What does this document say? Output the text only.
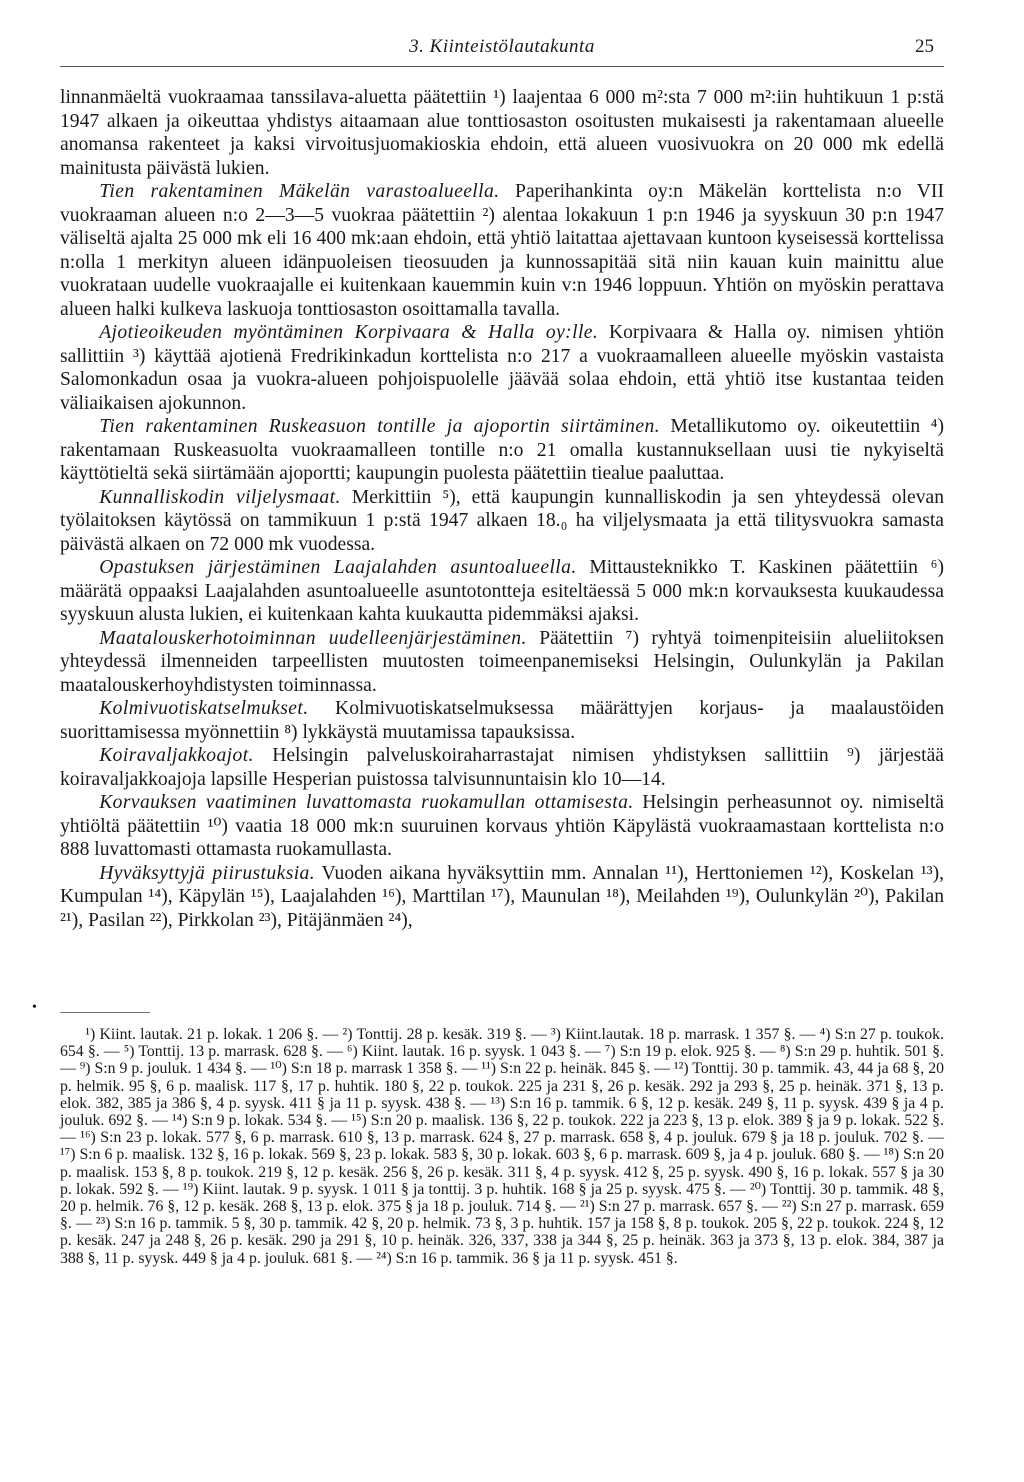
3. Kiinteistölautakunta	25

linnanmäeltä vuokraamaa tanssilava-aluetta päätettiin ¹) laajentaa 6 000 m²:sta 7 000 m²:iin huhtikuun 1 p:stä 1947 alkaen ja oikeuttaa yhdistys aitaamaan alue tonttiosaston osoitusten mukaisesti ja rakentamaan alueelle anomansa rakenteet ja kaksi virvoitusjuomakioskia ehdoin, että alueen vuosivuokra on 20 000 mk edellä mainitusta päivästä lukien.

Tien rakentaminen Mäkelän varastoalueella. Paperihankinta oy:n Mäkelän korttelista n:o VII vuokraaman alueen n:o 2—3—5 vuokraa päätettiin ²) alentaa lokakuun 1 p:n 1946 ja syyskuun 30 p:n 1947 väliseltä ajalta 25 000 mk eli 16 400 mk:aan ehdoin, että yhtiö laitattaa ajettavaan kuntoon kyseisessä korttelissa n:olla 1 merkityn alueen idänpuoleisen tieosuuden ja kunnossapitää sitä niin kauan kuin mainittu alue vuokrataan uudelle vuokraajalle ei kuitenkaan kauemmin kuin v:n 1946 loppuun. Yhtiön on myöskin perattava alueen halki kulkeva laskuoja tonttiosaston osoittamalla tavalla.

Ajotieoikeuden myöntäminen Korpivaara & Halla oy:lle. Korpivaara & Halla oy. nimisen yhtiön sallittiin ³) käyttää ajotienä Fredrikinkadun korttelista n:o 217 a vuokraamalleen alueelle myöskin vastaista Salomonkadun osaa ja vuokra-alueen pohjoispuolelle jäävää solaa ehdoin, että yhtiö itse kustantaa teiden väliaikaisen ajokunnon.

Tien rakentaminen Ruskeasuon tontille ja ajoportin siirtäminen. Metallikutomo oy. oikeutettiin ⁴) rakentamaan Ruskeasuolta vuokraamalleen tontille n:o 21 omalla kustannuksellaan uusi tie nykyiseltä käyttötieltä sekä siirtämään ajoportti; kaupungin puolesta päätettiin tiealue paaluttaa.

Kunnalliskodin viljelysmaat. Merkittiin ⁵), että kaupungin kunnalliskodin ja sen yhteydessä olevan työlaitoksen käytössä on tammikuun 1 p:stä 1947 alkaen 18.₀ ha viljelysmaata ja että tilitysvuokra samasta päivästä alkaen on 72 000 mk vuodessa.

Opastuksen järjestäminen Laajalahden asuntoalueella. Mittausteknikko T. Kaskinen päätettiin ⁶) määrätä oppaaksi Laajalahden asuntoalueelle asuntotontteja esiteltäessä 5 000 mk:n korvauksesta kuukaudessa syyskuun alusta lukien, ei kuitenkaan kahta kuukautta pidemmäksi ajaksi.

Maatalouskerhotoiminnan uudelleenjärjestäminen. Päätettiin ⁷) ryhtyä toimenpiteisiin alueliitoksen yhteydessä ilmenneiden tarpeellisten muutosten toimeenpanemiseksi Helsingin, Oulunkylän ja Pakilan maatalouskerhoyhdistysten toiminnassa.

Kolmivuotiskatselmukset. Kolmivuotiskatselmuksessa määrättyjen korjaus- ja maalaustöiden suorittamisessa myönnettiin ⁸) lykkäystä muutamissa tapauksissa.

Koiravaljakkoajot. Helsingin palveluskoiraharrastajat nimisen yhdistyksen sallittiin ⁹) järjestää koiravaljakkoajoja lapsille Hesperian puistossa talvisunnuntaisin klo 10—14.

Korvauksen vaatiminen luvattomasta ruokamullan ottamisesta. Helsingin perheasunnot oy. nimiseltä yhtiöltä päätettiin ¹⁰) vaatia 18 000 mk:n suuruinen korvaus yhtiön Käpylästä vuokraamastaan korttelista n:o 888 luvattomasti ottamasta ruokamullasta.

Hyväksyttyjä piirustuksia. Vuoden aikana hyväksyttiin mm. Annalan ¹¹), Herttoniemen ¹²), Koskelan ¹³), Kumpulan ¹⁴), Käpylän ¹⁵), Laajalahden ¹⁶), Marttilan ¹⁷), Maunulan ¹⁸), Meilahden ¹⁹), Oulunkylän ²⁰), Pakilan ²¹), Pasilan ²²), Pirkkolan ²³), Pitäjänmäen ²⁴),

•

¹) Kiint. lautak. 21 p. lokak. 1 206 §. — ²) Tonttij. 28 p. kesäk. 319 §. — ³) Kiint.lautak. 18 p. marrask. 1 357 §. — ⁴) S:n 27 p. toukok. 654 §. — ⁵) Tonttij. 13 p. marrask. 628 §. — ⁶) Kiint. lautak. 16 p. syysk. 1 043 §. — ⁷) S:n 19 p. elok. 925 §. — ⁸) S:n 29 p. huhtik. 501 §. — ⁹) S:n 9 p. jouluk. 1 434 §. — ¹⁰) S:n 18 p. marrask 1 358 §. — ¹¹) S:n 22 p. heinäk. 845 §. — ¹²) Tonttij. 30 p. tammik. 43, 44 ja 68 §, 20 p. helmik. 95 §, 6 p. maalisk. 117 §, 17 p. huhtik. 180 §, 22 p. toukok. 225 ja 231 §, 26 p. kesäk. 292 ja 293 §, 25 p. heinäk. 371 §, 13 p. elok. 382, 385 ja 386 §, 4 p. syysk. 411 § ja 11 p. syysk. 438 §. — ¹³) S:n 16 p. tammik. 6 §, 12 p. kesäk. 249 §, 11 p. syysk. 439 § ja 4 p. jouluk. 692 §. — ¹⁴) S:n 9 p. lokak. 534 §. — ¹⁵) S:n 20 p. maalisk. 136 §, 22 p. toukok. 222 ja 223 §, 13 p. elok. 389 § ja 9 p. lokak. 522 §. — ¹⁶) S:n 23 p. lokak. 577 §, 6 p. marrask. 610 §, 13 p. marrask. 624 §, 27 p. marrask. 658 §, 4 p. jouluk. 679 § ja 18 p. jouluk. 702 §. — ¹⁷) S:n 6 p. maalisk. 132 §, 16 p. lokak. 569 §, 23 p. lokak. 583 §, 30 p. lokak. 603 §, 6 p. marrask. 609 §, ja 4 p. jouluk. 680 §. — ¹⁸) S:n 20 p. maalisk. 153 §, 8 p. toukok. 219 §, 12 p. kesäk. 256 §, 26 p. kesäk. 311 §, 4 p. syysk. 412 §, 25 p. syysk. 490 §, 16 p. lokak. 557 § ja 30 p. lokak. 592 §. — ¹⁹) Kiint. lautak. 9 p. syysk. 1 011 § ja tonttij. 3 p. huhtik. 168 § ja 25 p. syysk. 475 §. — ²⁰) Tonttij. 30 p. tammik. 48 §, 20 p. helmik. 76 §, 12 p. kesäk. 268 §, 13 p. elok. 375 § ja 18 p. jouluk. 714 §. — ²¹) S:n 27 p. marrask. 657 §. — ²²) S:n 27 p. marrask. 659 §. — ²³) S:n 16 p. tammik. 5 §, 30 p. tammik. 42 §, 20 p. helmik. 73 §, 3 p. huhtik. 157 ja 158 §, 8 p. toukok. 205 §, 22 p. toukok. 224 §, 12 p. kesäk. 247 ja 248 §, 26 p. kesäk. 290 ja 291 §, 10 p. heinäk. 326, 337, 338 ja 344 §, 25 p. heinäk. 363 ja 373 §, 13 p. elok. 384, 387 ja 388 §, 11 p. syysk. 449 § ja 4 p. jouluk. 681 §. — ²⁴) S:n 16 p. tammik. 36 § ja 11 p. syysk. 451 §.
